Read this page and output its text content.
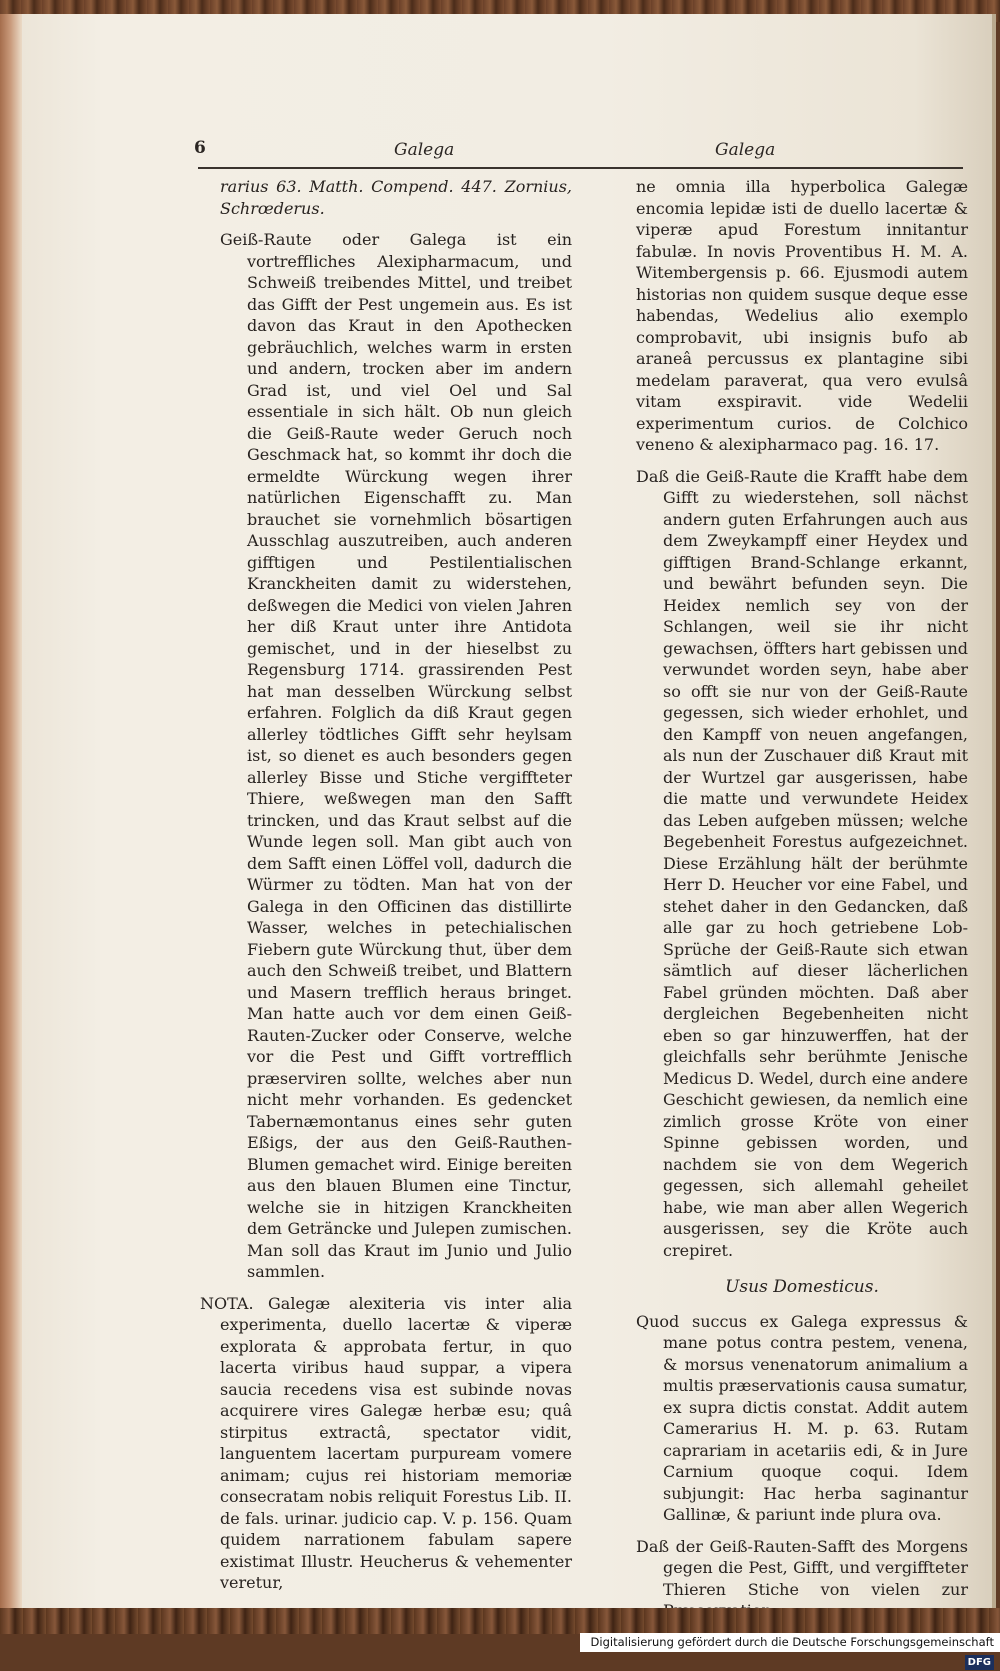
6	Galega	Galega

rarius 63. Matth. Compend. 447. Zornius, Schrœderus.

Geiß-Raute oder Galega ist ein vortreffliches Alexipharmacum, und Schweiß treibendes Mittel, und treibet das Gifft der Pest ungemein aus. Es ist davon das Kraut in den Apothecken gebräuchlich, welches warm in ersten und andern, trocken aber im andern Grad ist, und viel Oel und Sal essentiale in sich hält. Ob nun gleich die Geiß-Raute weder Geruch noch Geschmack hat, so kommt ihr doch die ermeldte Würckung wegen ihrer natürlichen Eigenschafft zu. Man brauchet sie vornehmlich bösartigen Ausschlag auszutreiben, auch anderen gifftigen und Pestilentialischen Kranckheiten damit zu widerstehen, deßwegen die Medici von vielen Jahren her diß Kraut unter ihre Antidota gemischet, und in der hieselbst zu Regensburg 1714. grassirenden Pest hat man desselben Würckung selbst erfahren. Folglich da diß Kraut gegen allerley tödtliches Gifft sehr heylsam ist, so dienet es auch besonders gegen allerley Bisse und Stiche vergiffteter Thiere, weßwegen man den Safft trincken, und das Kraut selbst auf die Wunde legen soll. Man gibt auch von dem Safft einen Löffel voll, dadurch die Würmer zu tödten. Man hat von der Galega in den Officinen das distillirte Wasser, welches in petechialischen Fiebern gute Würckung thut, über dem auch den Schweiß treibet, und Blattern und Masern trefflich heraus bringet. Man hatte auch vor dem einen Geiß-Rauten-Zucker oder Conserve, welche vor die Pest und Gifft vortrefflich præserviren sollte, welches aber nun nicht mehr vorhanden. Es gedencket Tabernæmontanus eines sehr guten Eßigs, der aus den Geiß-Rauthen-Blumen gemachet wird. Einige bereiten aus den blauen Blumen eine Tinctur, welche sie in hitzigen Kranckheiten dem Geträncke und Julepen zumischen. Man soll das Kraut im Junio und Julio sammlen.

NOTA. Galegæ alexiteria vis inter alia experimenta, duello lacertæ & viperæ explorata & approbata fertur, in quo lacerta viribus haud suppar, a vipera saucia recedens visa est subinde novas acquirere vires Galegæ herbæ esu; quâ stirpitus extractâ, spectator vidit, languentem lacertam purpuream vomere animam; cujus rei historiam memoriæ consecratam nobis reliquit Forestus Lib. II. de fals. urinar. judicio cap. V. p. 156. Quam quidem narrationem fabulam sapere existimat Illustr. Heucherus & vehementer veretur,

ne omnia illa hyperbolica Galegæ encomia lepidæ isti de duello lacertæ & viperæ apud Forestum innitantur fabulæ. In novis Proventibus H. M. A. Witembergensis p. 66. Ejusmodi autem historias non quidem susque deque esse habendas, Wedelius alio exemplo comprobavit, ubi insignis bufo ab araneâ percussus ex plantagine sibi medelam paraverat, qua vero evulsâ vitam exspiravit. vide Wedelii experimentum curios. de Colchico veneno & alexipharmaco pag. 16. 17.

Daß die Geiß-Raute die Krafft habe dem Gifft zu wiederstehen, soll nächst andern guten Erfahrungen auch aus dem Zweykampff einer Heydex und gifftigen Brand-Schlange erkannt, und bewährt befunden seyn. Die Heidex nemlich sey von der Schlangen, weil sie ihr nicht gewachsen, öffters hart gebissen und verwundet worden seyn, habe aber so offt sie nur von der Geiß-Raute gegessen, sich wieder erhohlet, und den Kampff von neuen angefangen, als nun der Zuschauer diß Kraut mit der Wurtzel gar ausgerissen, habe die matte und verwundete Heidex das Leben aufgeben müssen; welche Begebenheit Forestus aufgezeichnet. Diese Erzählung hält der berühmte Herr D. Heucher vor eine Fabel, und stehet daher in den Gedancken, daß alle gar zu hoch getriebene Lob-Sprüche der Geiß-Raute sich etwan sämtlich auf dieser lächerlichen Fabel gründen möchten. Daß aber dergleichen Begebenheiten nicht eben so gar hinzuwerffen, hat der gleichfalls sehr berühmte Jenische Medicus D. Wedel, durch eine andere Geschicht gewiesen, da nemlich eine zimlich grosse Kröte von einer Spinne gebissen worden, und nachdem sie von dem Wegerich gegessen, sich allemahl geheilet habe, wie man aber allen Wegerich ausgerissen, sey die Kröte auch crepiret.

Usus Domesticus.

Quod succus ex Galega expressus & mane potus contra pestem, venena, & morsus venenatorum animalium a multis præservationis causa sumatur, ex supra dictis constat. Addit autem Camerarius H. M. p. 63. Rutam caprariam in acetariis edi, & in Jure Carnium quoque coqui. Idem subjungit: Hac herba saginantur Gallinæ, & pariunt inde plura ova.

Daß der Geiß-Rauten-Safft des Morgens gegen die Pest, Gifft, und vergiffteter Thieren Stiche von vielen zur

Digitalisierung gefördert durch die Deutsche Forschungsgemeinschaft DFG
